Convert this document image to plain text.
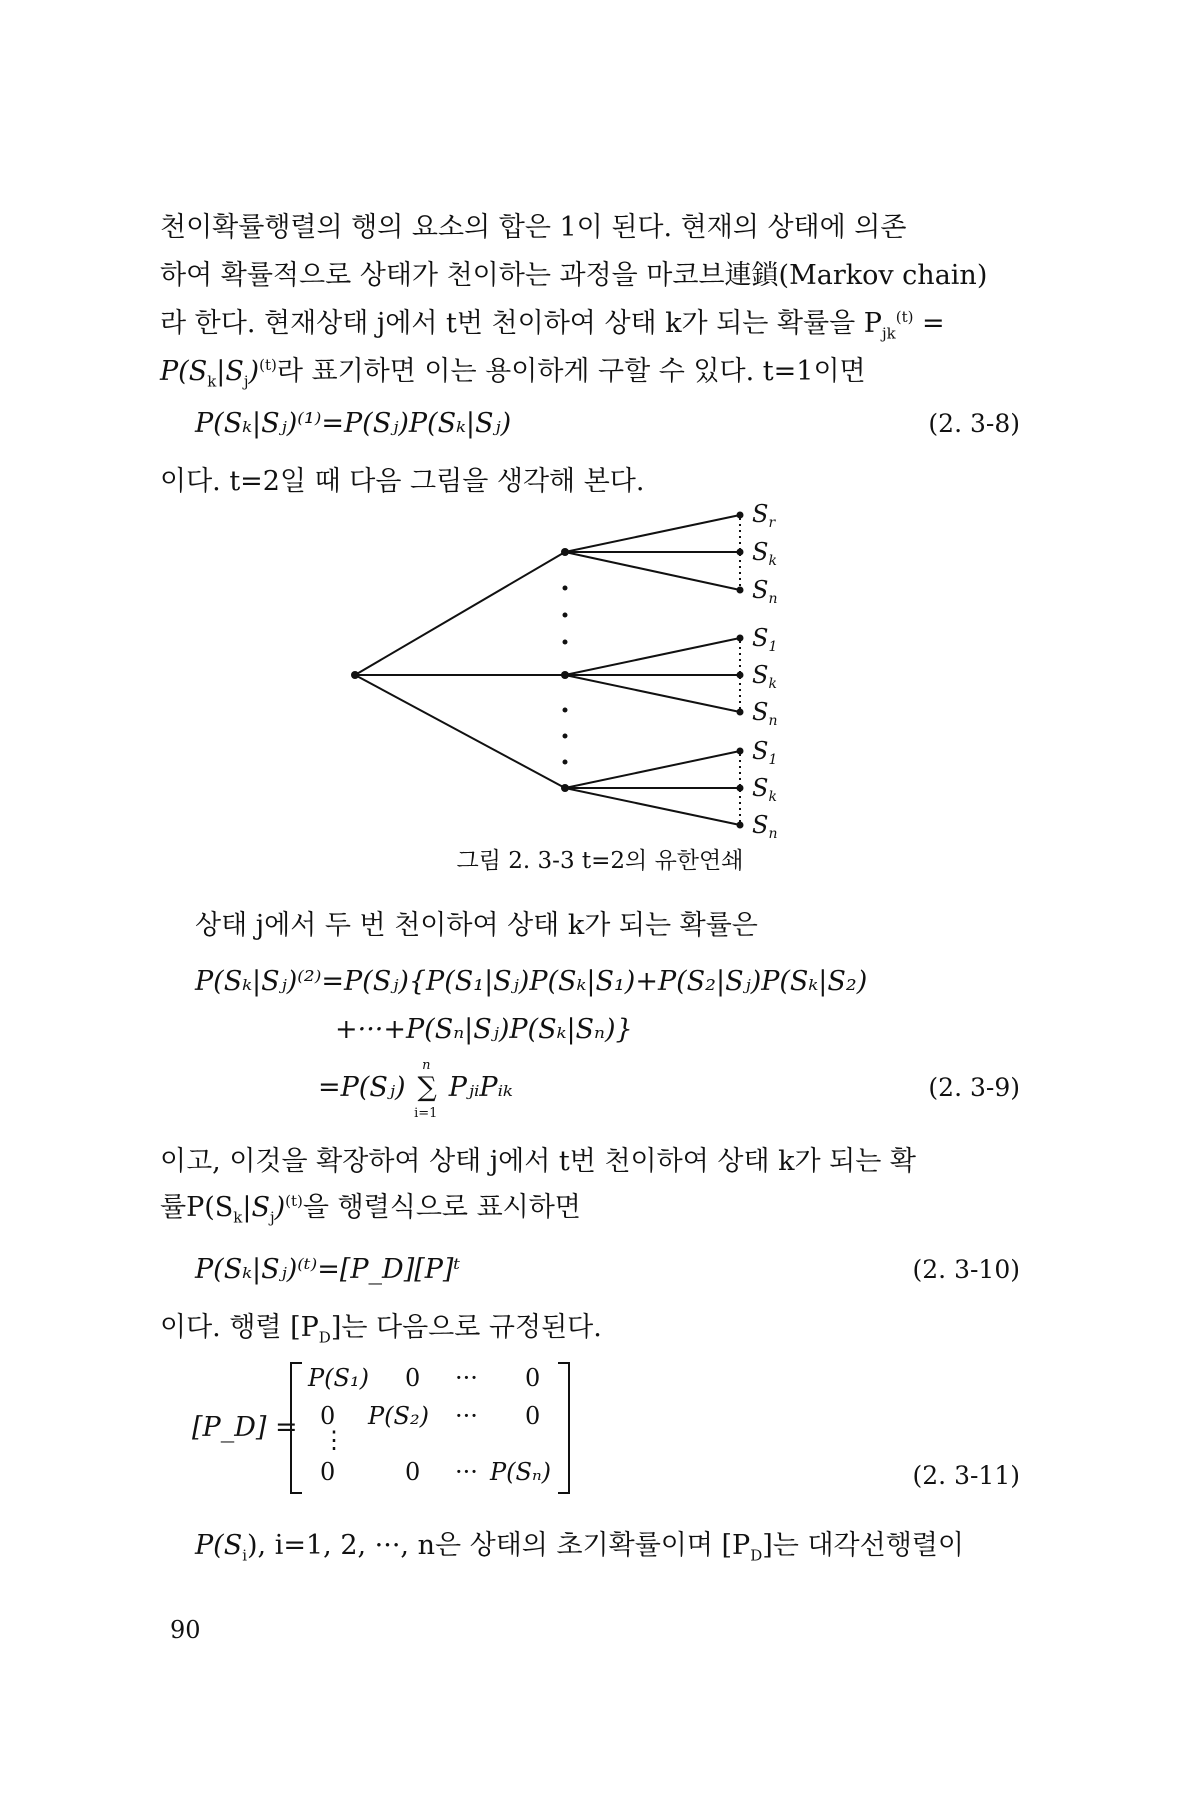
천이확률행렬의 행의 요소의 합은 1이 된다. 현재의 상태에 의존
하여 확률적으로 상태가 천이하는 과정을 마코브連鎖(Markov chain)
라 한다. 현재상태 j에서 t번 천이하여 상태 k가 되는 확률을 $P_{jk}^{(t)}$ =
$P(S_k|S_j)^{(t)}$라 표기하면 이는 용이하게 구할 수 있다. t=1이면
P(Sₖ|Sⱼ)⁽¹⁾=P(Sⱼ)P(Sₖ|Sⱼ)	(2. 3-8)
이다. t=2일 때 다음 그림을 생각해 본다.
$S_r$
$S_k$
$S_n$
$S_1$
$S_k$
$S_n$
$S_1$
$S_k$
$S_n$
그림 2. 3-3 t=2의 유한연쇄
상태 j에서 두 번 천이하여 상태 k가 되는 확률은
P(Sₖ|Sⱼ)⁽²⁾=P(Sⱼ){P(S₁|Sⱼ)P(Sₖ|S₁)+P(S₂|Sⱼ)P(Sₖ|S₂)
+···+P(Sₙ|Sⱼ)P(Sₖ|Sₙ)}
=P(Sⱼ)
n
∑
i=1
PⱼᵢPᵢₖ	(2. 3-9)
이고, 이것을 확장하여 상태 j에서 t번 천이하여 상태 k가 되는 확
률$P(S_k|S_j)^{(t)}$을 행렬식으로 표시하면
P(Sₖ|Sⱼ)⁽ᵗ⁾=[P_D][P]ᵗ	(2. 3-10)
이다. 행렬 $[P_D]$는 다음으로 규정된다.
[P_D] =
P(S₁) 0 ··· 0
0 P(S₂) ··· 0
⋮
0	0 ··· P(Sₙ)	(2. 3-11)
$P(S_i)$, i=1, 2, ···, n은 상태의 초기확률이며 $[P_D]$는 대각선행렬이
90
